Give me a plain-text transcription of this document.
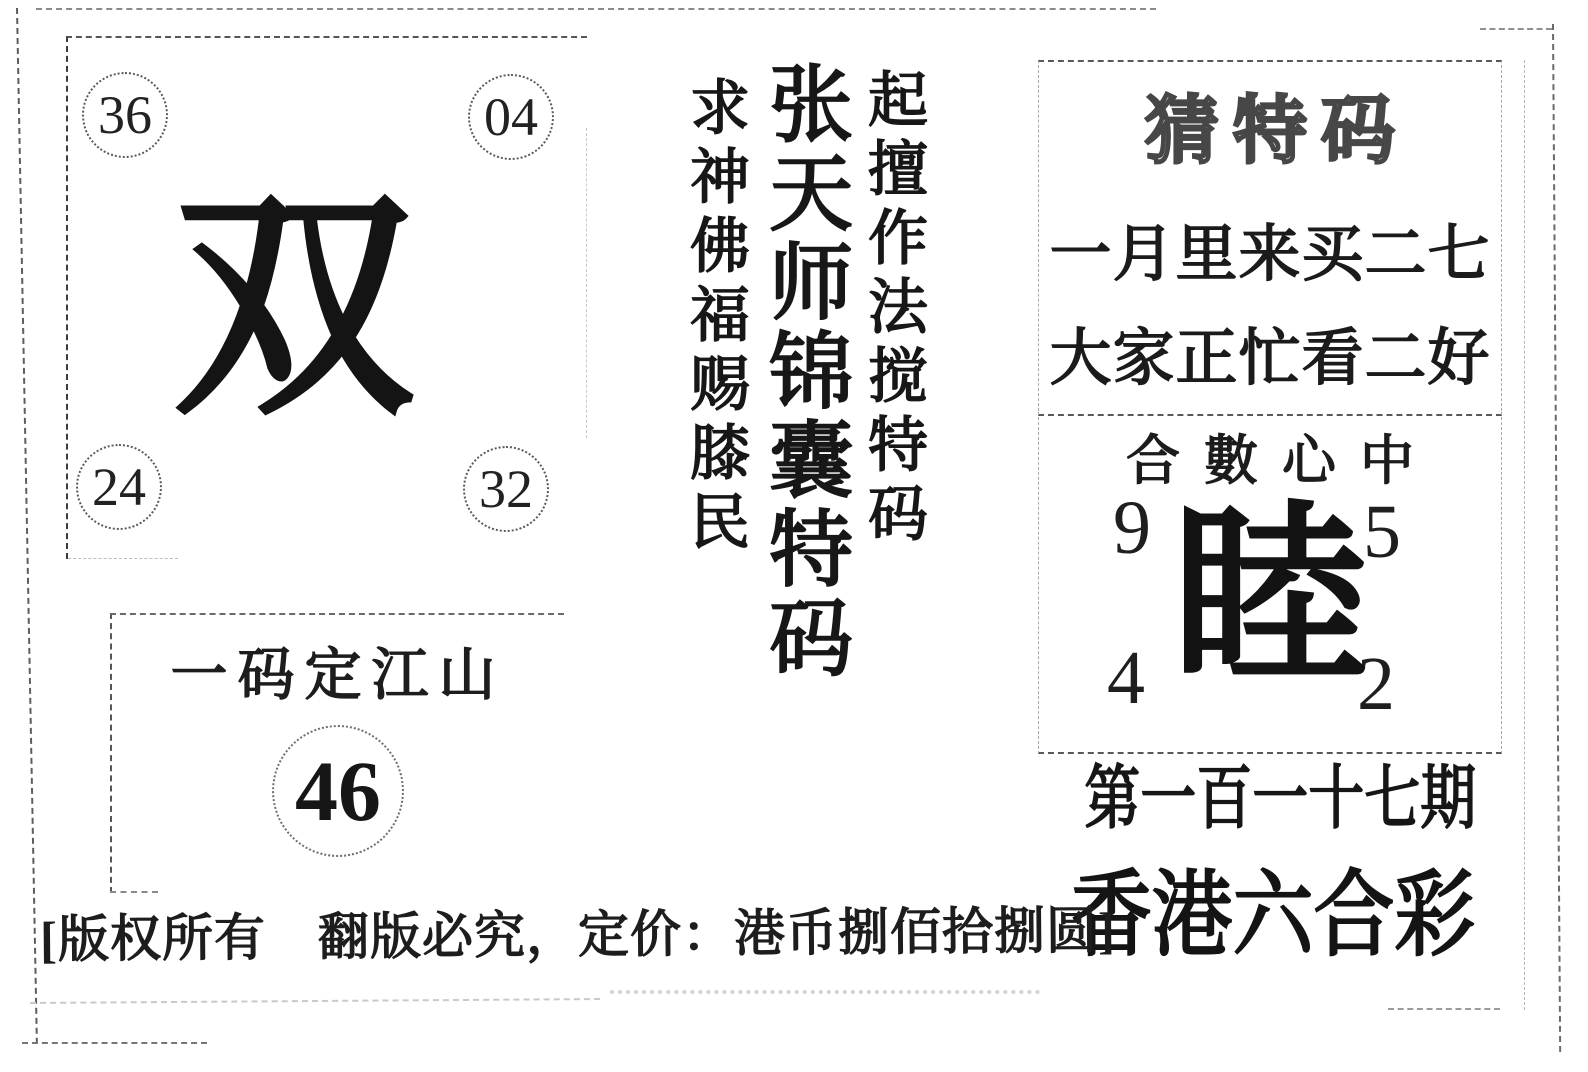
36	04
24	32
双
一码定江山
46
求神佛福赐膝民 张天师锦囊特码 起擅作法搅特码	猜特码
一月里来买二七
大家正忙看二好
合數心中
9	5
4	2
睦
第一百一十七期
香港六合彩
[版权所有　翻版必究，定价：港币捌佰拾捌圆]
